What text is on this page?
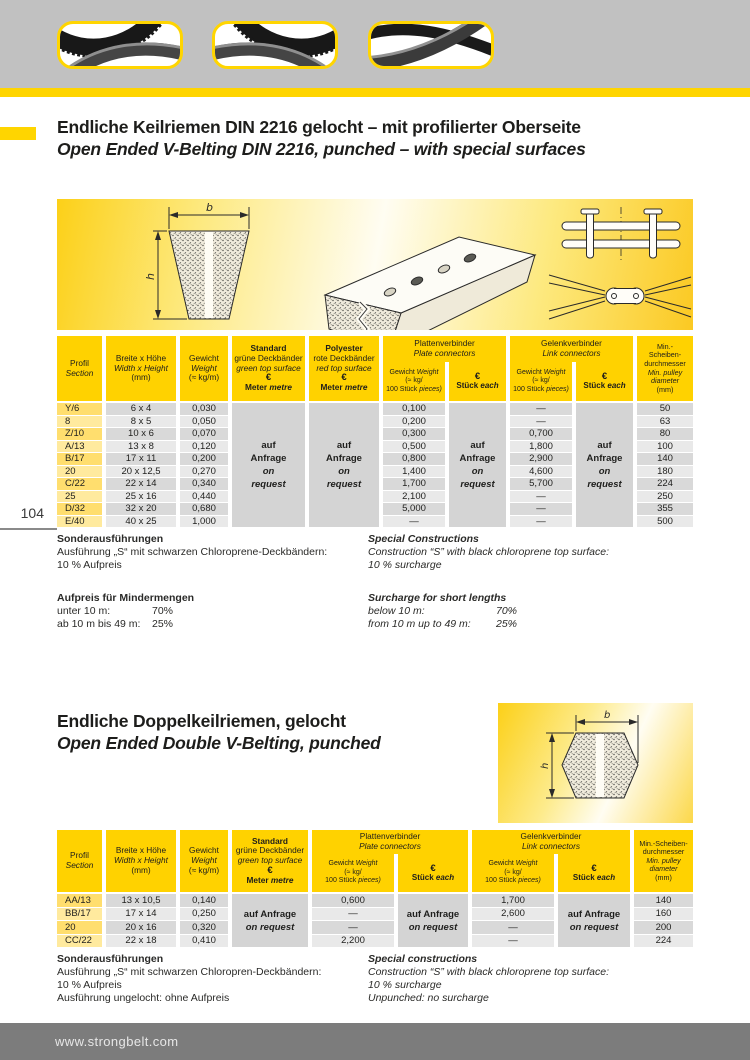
Endliche Keilriemen DIN 2216 gelocht – mit profilierter Oberseite
Open Ended V-Belting DIN 2216, punched – with special surfaces
b
h
Profil
Section
Breite x Höhe
Width x Height
(mm)
Gewicht
Weight
(≈ kg/m)
Standard
grüne Deckbänder
green top surface
€
Meter metre
Polyester
rote Deckbänder
red top surface
€
Meter metre
Plattenverbinder
Plate connectors
Gewicht Weight
(≈ kg/
100 Stück pieces)
€
Stück each
Gelenkverbinder
Link connectors
Gewicht Weight
(≈ kg/
100 Stück pieces)
€
Stück each
Min.-
Scheiben-
durchmesser
Min. pulley
diameter
(mm)
auf
Anfrage
on
request
auf
Anfrage
on
request
auf
Anfrage
on
request
auf
Anfrage
on
request
Y/6	6 x 4	0,030	0,100	—	50
8	8 x 5	0,050	0,200	—	63
Z/10	10 x 6	0,070	0,300	0,700	80
A/13	13 x 8	0,120	0,500	1,800	100
B/17	17 x 11	0,200	0,800	2,900	140
20	20 x 12,5	0,270	1,400	4,600	180
C/22	22 x 14	0,340	1,700	5,700	224
25	25 x 16	0,440	2,100	—	250
D/32	32 x 20	0,680	5,000	—	355
E/40	40 x 25	1,000	—	—	500
104
Sonderausführungen
Ausführung „S“ mit schwarzen Chloroprene-Deckbändern:
10 % Aufpreis
Special Constructions
Construction “S” with black chloroprene top surface:
10 % surcharge
Aufpreis für Mindermengen
unter 10 m:	70%
ab 10 m bis 49 m: 25%
Surcharge for short lengths
below 10 m:	70%
from 10 m up to 49 m: 25%
Endliche Doppelkeilriemen, gelocht
Open Ended Double V-Belting, punched
b
h
Profil
Section
Breite x Höhe
Width x Height
(mm)
Gewicht
Weight
(≈ kg/m)
Standard
grüne Deckbänder
green top surface
€
Meter metre
Plattenverbinder
Plate connectors
Gewicht Weight
(≈ kg/
100 Stück pieces)
€
Stück each
Gelenkverbinder
Link connectors
Gewicht Weight
(≈ kg/
100 Stück pieces)
€
Stück each
Min.-Scheiben-
durchmesser
Min. pulley
diameter
(mm)
auf Anfrage
on request
auf Anfrage
on request
auf Anfrage
on request
AA/13	13 x 10,5	0,140	0,600	1,700	140
BB/17	17 x 14	0,250	—	2,600	160
20	20 x 16	0,320	—	—	200
CC/22	22 x 18	0,410	2,200	—	224
Sonderausführungen
Ausführung „S“ mit schwarzen Chloropren-Deckbändern:
10 % Aufpreis
Ausführung ungelocht: ohne Aufpreis
Special constructions
Construction “S” with black chloroprene top surface:
10 % surcharge
Unpunched: no surcharge
www.strongbelt.com
